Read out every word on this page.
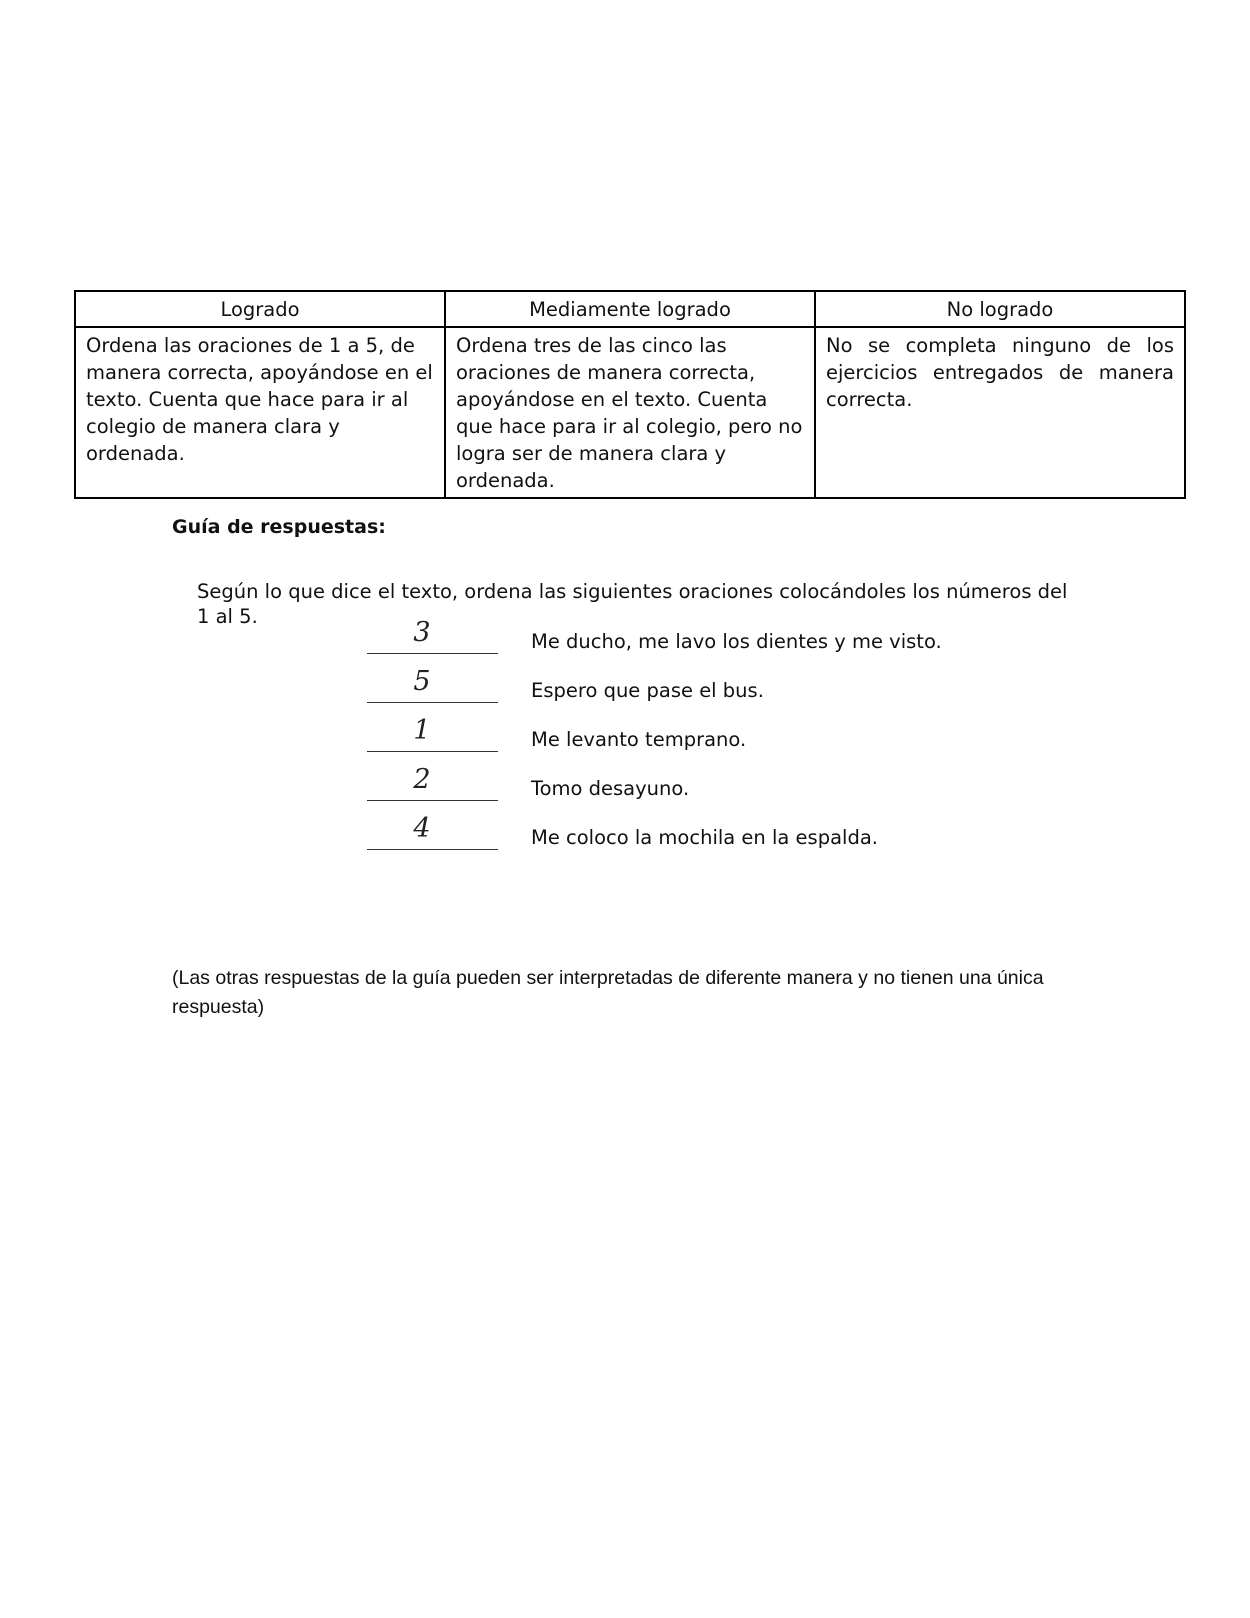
Logrado	Mediamente logrado	No logrado
Ordena las oraciones de 1 a 5, de manera correcta, apoyándose en el texto. Cuenta que hace para ir al colegio de manera clara y ordenada.	Ordena tres de las cinco las oraciones de manera correcta, apoyándose en el texto. Cuenta que hace para ir al colegio, pero no logra ser de manera clara y ordenada.	No se completa ninguno de los ejercicios entregados de manera correcta.
Guía de respuestas:
Según lo que dice el texto, ordena las siguientes oraciones colocándoles los números del 1 al 5.
3	Me ducho, me lavo los dientes y me visto.
5	Espero que pase el bus.
1	Me levanto temprano.
2	Tomo desayuno.
4	Me coloco la mochila en la espalda.
(Las otras respuestas de la guía pueden ser interpretadas de diferente manera y no tienen una única respuesta)
